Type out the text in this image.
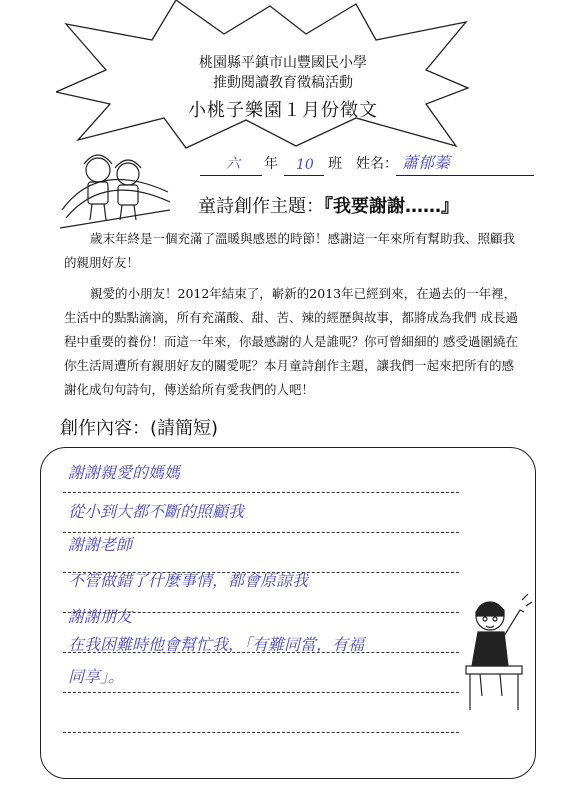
桃園縣平鎮市山豐國民小學
推動閱讀教育徵稿活動
小桃子樂園１月份徵文
六 年 10 班 姓名： 蕭郁蓁
童詩創作主題：『我要謝謝……』
歲末年終是一個充滿了溫暖與感恩的時節！感謝這一年來所有幫助我、照顧我的親朋好友！
親愛的小朋友！2012年結束了，嶄新的2013年已經到來，在過去的一年裡，生活中的點點滴滴，所有充滿酸、甜、苦、辣的經歷與故事，都將成為我們 成長過程中重要的養份！而這一年來，你最感謝的人是誰呢？你可曾細細的 感受過圍繞在你生活周遭所有親朋好友的關愛呢？本月童詩創作主題，讓我們一起來把所有的感謝化成句句詩句，傳送給所有愛我們的人吧！
創作內容：(請簡短)
謝謝親愛的媽媽
從小到大都不斷的照顧我
謝謝老師
不管做錯了什麼事情，都會原諒我
謝謝朋友
在我困難時他會幫忙我，「有難同當，有福
同享」。
